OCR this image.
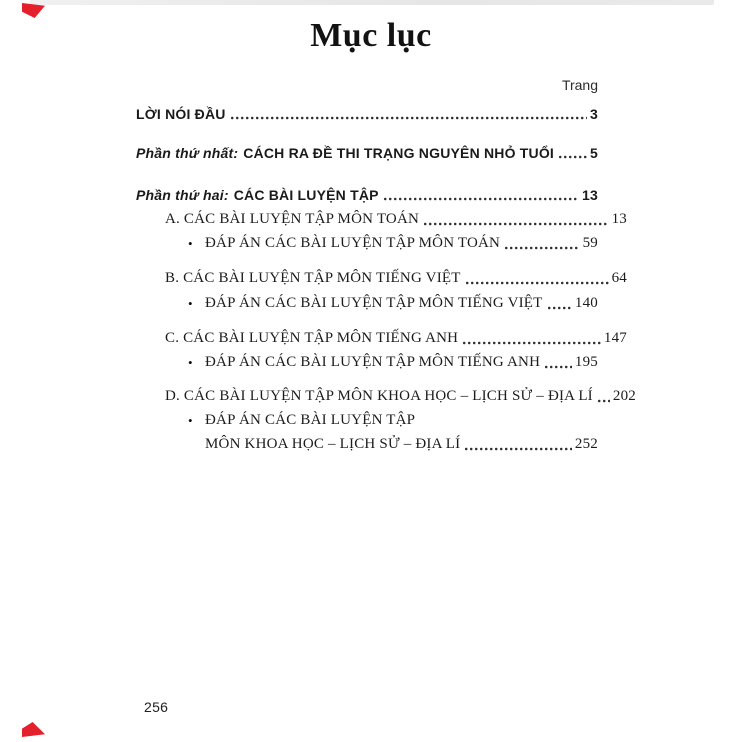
Mục lục
Trang
LỜI NÓI ĐẦU	3
Phần thứ nhất: CÁCH RA ĐỀ THI TRẠNG NGUYÊN NHỎ TUỔI	5
Phần thứ hai: CÁC BÀI LUYỆN TẬP	13
A. CÁC BÀI LUYỆN TẬP MÔN TOÁN	13
• ĐÁP ÁN CÁC BÀI LUYỆN TẬP MÔN TOÁN	59
B. CÁC BÀI LUYỆN TẬP MÔN TIẾNG VIỆT	64
• ĐÁP ÁN CÁC BÀI LUYỆN TẬP MÔN TIẾNG VIỆT 140
C. CÁC BÀI LUYỆN TẬP MÔN TIẾNG ANH	147
• ĐÁP ÁN CÁC BÀI LUYỆN TẬP MÔN TIẾNG ANH 195
D. CÁC BÀI LUYỆN TẬP MÔN KHOA HỌC – LỊCH SỬ – ĐỊA LÍ 202
• ĐÁP ÁN CÁC BÀI LUYỆN TẬP
MÔN KHOA HỌC – LỊCH SỬ – ĐỊA LÍ	252
256
